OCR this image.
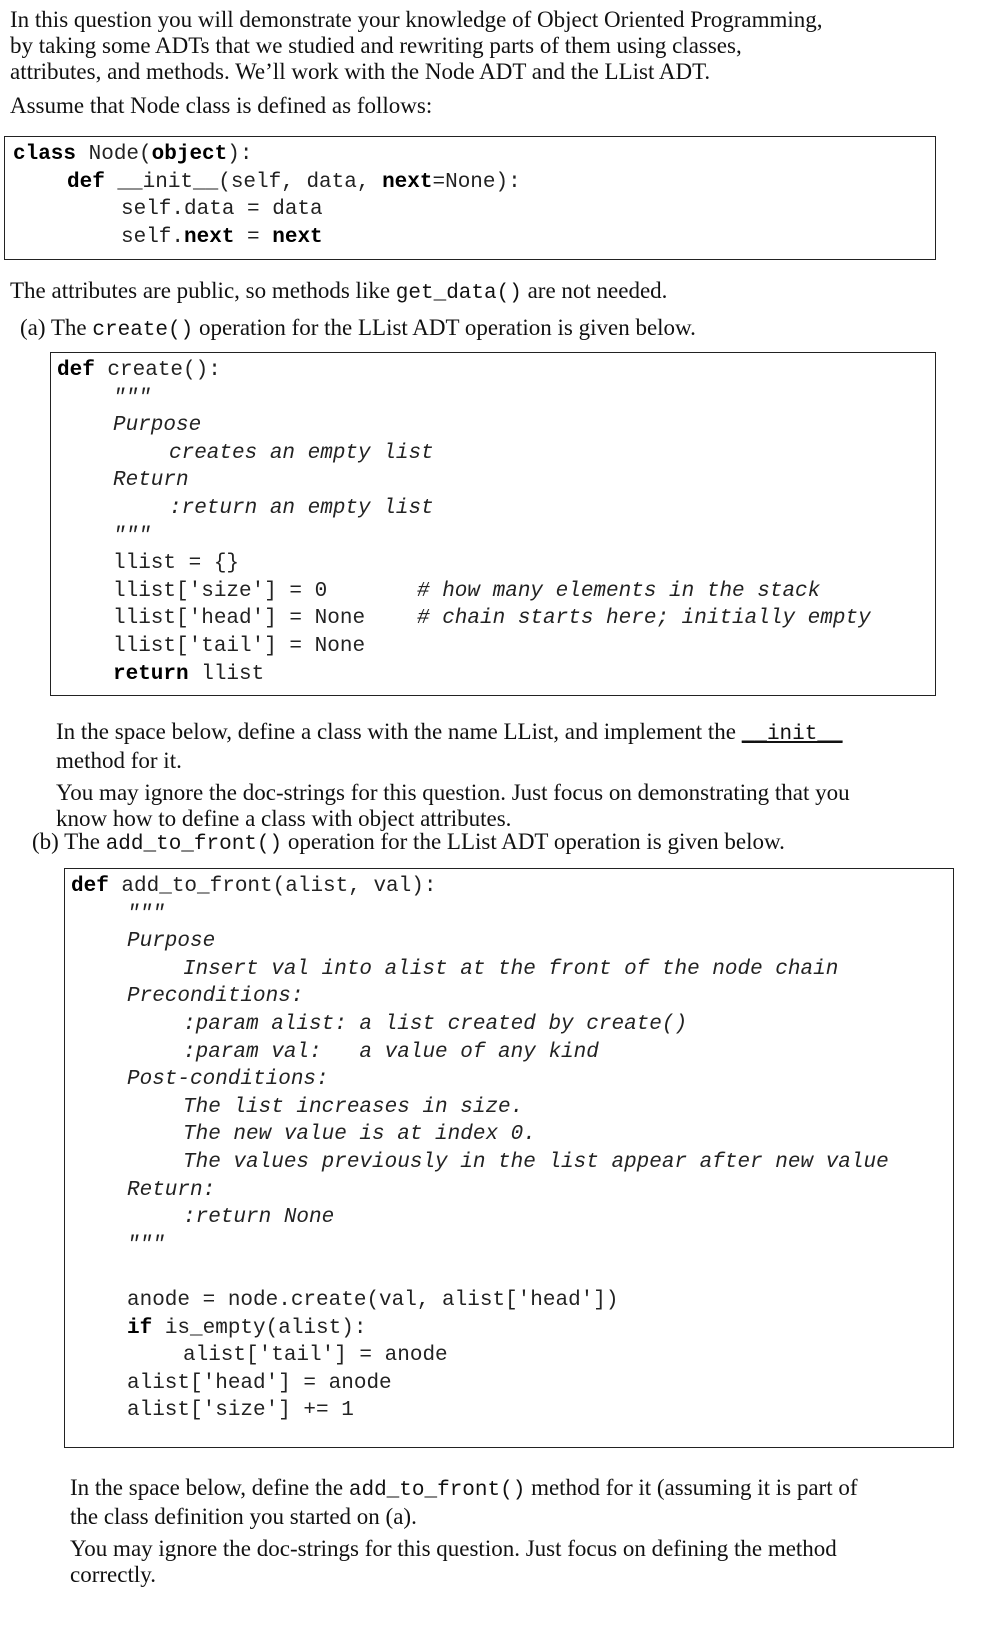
In this question you will demonstrate your knowledge of Object Oriented Programming,

by taking some ADTs that we studied and rewriting parts of them using classes,

attributes, and methods. We’ll work with the Node ADT and the LList ADT.

Assume that Node class is defined as follows:

class Node(object):
def __init__(self, data, next=None):
self.data = data
self.next = next

The attributes are public, so methods like get_data() are not needed.

(a) The create() operation for the LList ADT operation is given below.

def create():
"""
Purpose
creates an empty list
Return
:return an empty list
"""
llist = {}
llist['size'] = 0	# how many elements in the stack
llist['head'] = None # chain starts here; initially empty
llist['tail'] = None
return llist

In the space below, define a class with the name LList, and implement the __init__

method for it.

You may ignore the doc-strings for this question. Just focus on demonstrating that you

know how to define a class with object attributes.

(b) The add_to_front() operation for the LList ADT operation is given below.

def add_to_front(alist, val):
"""
Purpose
Insert val into alist at the front of the node chain
Preconditions:
:param alist: a list created by create()
:param val:   a value of any kind
Post-conditions:
The list increases in size.
The new value is at index 0.
The values previously in the list appear after new value
Return:
:return None
"""
anode = node.create(val, alist['head'])
if is_empty(alist):
alist['tail'] = anode
alist['head'] = anode
alist['size'] += 1

In the space below, define the add_to_front() method for it (assuming it is part of

the class definition you started on (a).

You may ignore the doc-strings for this question. Just focus on defining the method

correctly.
